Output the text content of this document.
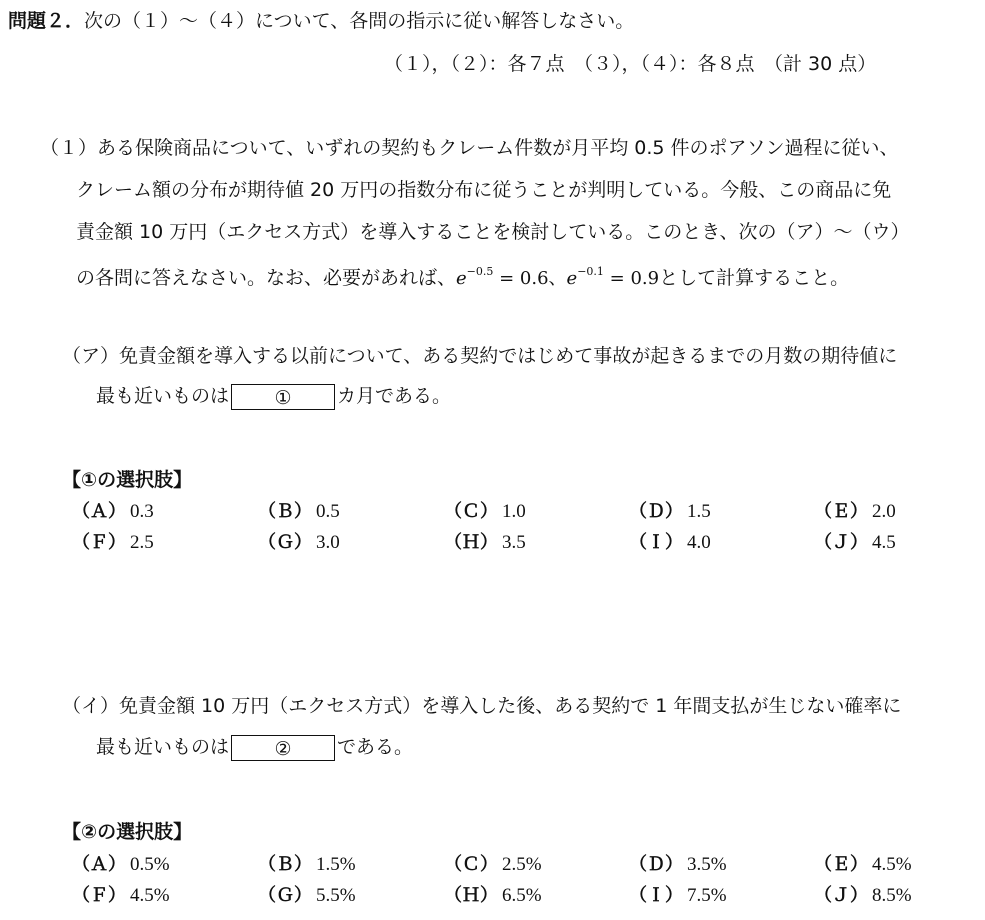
問題２．次の（１）～（４）について、各問の指示に従い解答しなさい。
（１），（２）：各７点　（３），（４）：各８点　（計 30 点）
（１）ある保険商品について、いずれの契約もクレーム件数が月平均 0.5 件のポアソン過程に従い、
クレーム額の分布が期待値 20 万円の指数分布に従うことが判明している。今般、この商品に免
責金額 10 万円（エクセス方式）を導入することを検討している。このとき、次の（ア）～（ウ）
の各問に答えなさい。なお、必要があれば、$e^{-0.5} = 0.6$、$e^{-0.1} = 0.9$として計算すること。
（ア）免責金額を導入する以前について、ある契約ではじめて事故が起きるまでの月数の期待値に
最も近いものは ① カ月である。
【①の選択肢】
（Ａ） 0.3	（Ｂ） 0.5	（Ｃ） 1.0	（Ｄ） 1.5	（Ｅ） 2.0
（Ｆ） 2.5	（Ｇ） 3.0	（Ｈ） 3.5	（Ｉ） 4.0	（Ｊ） 4.5
（イ）免責金額 10 万円（エクセス方式）を導入した後、ある契約で 1 年間支払が生じない確率に
最も近いものは ② である。
【②の選択肢】
（Ａ） 0.5%	（Ｂ） 1.5%	（Ｃ） 2.5%	（Ｄ） 3.5%	（Ｅ） 4.5%
（Ｆ） 4.5%	（Ｇ） 5.5%	（Ｈ） 6.5%	（Ｉ） 7.5%	（Ｊ） 8.5%
